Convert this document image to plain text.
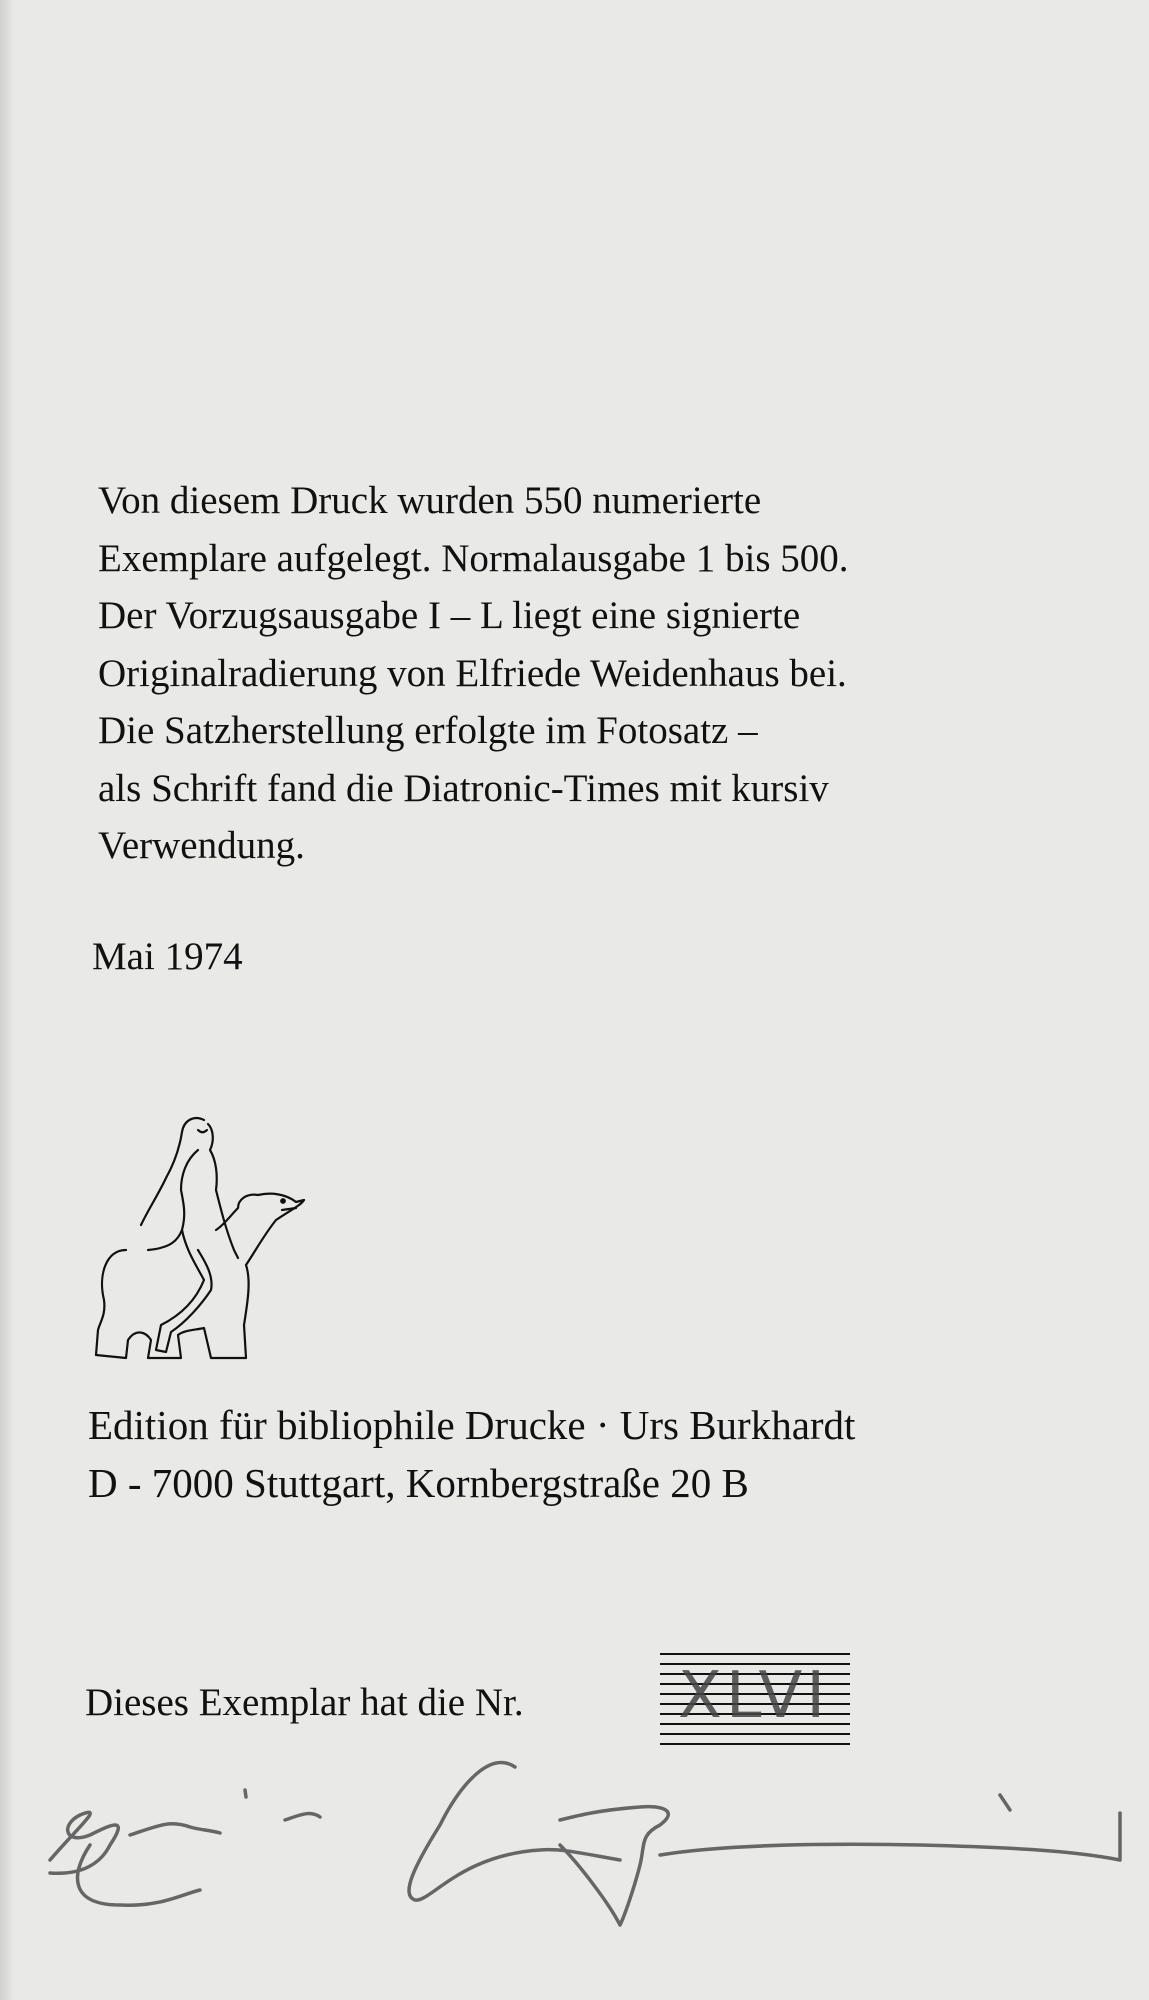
Von diesem Druck wurden 550 numerierte
Exemplare aufgelegt. Normalausgabe 1 bis 500.
Der Vorzugsausgabe I – L liegt eine signierte
Originalradierung von Elfriede Weidenhaus bei.
Die Satzherstellung erfolgte im Fotosatz –
als Schrift fand die Diatronic-Times mit kursiv
Verwendung.
Mai 1974
Edition für bibliophile Drucke · Urs Burkhardt
D - 7000 Stuttgart, Kornbergstraße 20 B
Dieses Exemplar hat die Nr. XLVI
